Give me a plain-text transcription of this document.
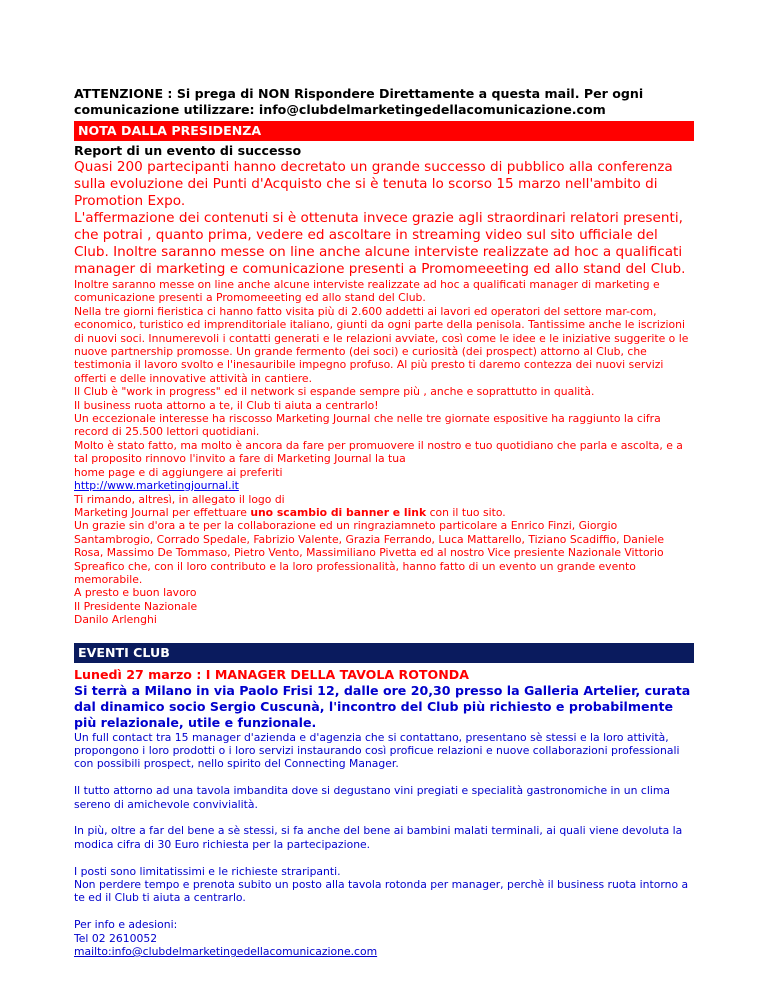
ATTENZIONE : Si prega di NON Rispondere Direttamente a questa mail. Per ogni
comunicazione utilizzare: info@clubdelmarketingedellacomunicazione.com
NOTA DALLA PRESIDENZA
Report di un evento di successo

Quasi 200 partecipanti hanno decretato un grande successo di pubblico alla conferenza sulla evoluzione dei Punti d'Acquisto che si è tenuta lo scorso 15 marzo nell'ambito di Promotion Expo.

L'affermazione dei contenuti si è ottenuta invece grazie agli straordinari relatori presenti, che potrai , quanto prima, vedere ed ascoltare in streaming video sul sito ufficiale del Club. Inoltre saranno messe on line anche alcune interviste realizzate ad hoc a qualificati manager di marketing e comunicazione presenti a Promomeeeting ed allo stand del Club.

Inoltre saranno messe on line anche alcune interviste realizzate ad hoc a qualificati manager di marketing e comunicazione presenti a Promomeeeting ed allo stand del Club.

Nella tre giorni fieristica ci hanno fatto visita più di 2.600 addetti ai lavori ed operatori del settore mar-com, economico, turistico ed imprenditoriale italiano, giunti da ogni parte della penisola. Tantissime anche le iscrizioni di nuovi soci. Innumerevoli i contatti generati e le relazioni avviate, così come le idee e le iniziative suggerite o le nuove partnership promosse. Un grande fermento (dei soci) e curiosità (dei prospect) attorno al Club, che testimonia il lavoro svolto e l'inesauribile impegno profuso. Al più presto ti daremo contezza dei nuovi servizi offerti e delle innovative attività in cantiere.

Il Club è "work in progress" ed il network si espande sempre più , anche e soprattutto in qualità.

Il business ruota attorno a te, il Club ti aiuta a centrarlo!

Un eccezionale interesse ha riscosso Marketing Journal che nelle tre giornate espositive ha raggiunto la cifra record di 25.500 lettori quotidiani.

Molto è stato fatto, ma molto è ancora da fare per promuovere il nostro e tuo quotidiano che parla e ascolta, e a tal proposito rinnovo l'invito a fare di Marketing Journal la tua

home page e di aggiungere ai preferiti

http://www.marketingjournal.it

Ti rimando, altresì, in allegato il logo di

Marketing Journal per effettuare uno scambio di banner e link con il tuo sito.

Un grazie sin d'ora a te per la collaborazione ed un ringraziamneto particolare a Enrico Finzi, Giorgio Santambrogio, Corrado Spedale, Fabrizio Valente, Grazia Ferrando, Luca Mattarello, Tiziano Scadiffio, Daniele Rosa, Massimo De Tommaso, Pietro Vento, Massimiliano Pivetta ed al nostro Vice presiente Nazionale Vittorio Spreafico che, con il loro contributo e la loro professionalità, hanno fatto di un evento un grande evento memorabile.

A presto e buon lavoro

Il Presidente Nazionale

Danilo Arlenghi

EVENTI CLUB
Lunedì 27 marzo : I MANAGER DELLA TAVOLA ROTONDA

Si terrà a Milano in via Paolo Frisi 12, dalle ore 20,30 presso la Galleria Artelier, curata dal dinamico socio Sergio Cuscunà, l'incontro del Club più richiesto e probabilmente più relazionale, utile e funzionale.

Un full contact tra 15 manager d'azienda e d'agenzia che si contattano, presentano sè stessi e la loro attività, propongono i loro prodotti o i loro servizi instaurando così proficue relazioni e nuove collaborazioni professionali con possibili prospect, nello spirito del Connecting Manager.

Il tutto attorno ad una tavola imbandita dove si degustano vini pregiati e specialità gastronomiche in un clima sereno di amichevole convivialità.

In più, oltre a far del bene a sè stessi, si fa anche del bene ai bambini malati terminali, ai quali viene devoluta la modica cifra di 30 Euro richiesta per la partecipazione.

I posti sono limitatissimi e le richieste straripanti.

Non perdere tempo e prenota subito un posto alla tavola rotonda per manager, perchè il business ruota intorno a te ed il Club ti aiuta a centrarlo.

Per info e adesioni:

Tel 02 2610052

mailto:info@clubdelmarketingedellacomunicazione.com
